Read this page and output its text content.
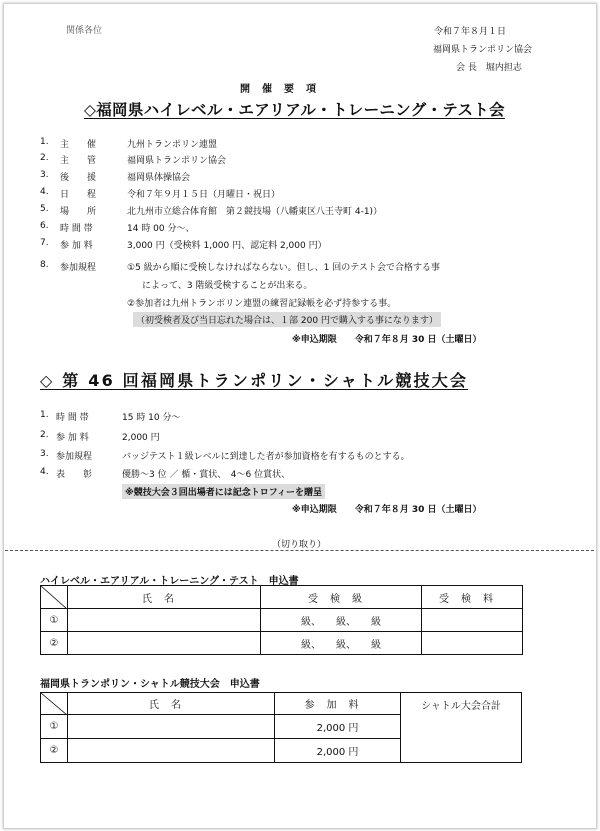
関係各位	令和７年８月１日
福岡県トランポリン協会
会 長　堀内担志
開　催　要　項
◇福岡県ハイレベル・エアリアル・トレーニング・テスト会
1. 主　　催	九州トランポリン連盟
2. 主　　管	福岡県トランポリン協会
3. 後　　援	福岡県体操協会
4. 日　　程	令和７年９月１５日（月曜日・祝日）
5. 場　　所	北九州市立総合体育館　第２競技場（八幡東区八王寺町 4-1)）
6. 時 間 帯	14 時 00 分～、
7. 参 加 料	3,000 円（受検料 1,000 円、認定料 2,000 円）
8. 参加規程	①5 級から順に受検しなければならない。但し、1 回のテスト会で合格する事
によって、3 階級受検することが出来る。
②参加者は九州トランポリン連盟の練習記録帳を必ず持参する事。
（初受検者及び当日忘れた場合は、１部 200 円で購入する事になります）
※申込期限　　令和７年８月 30 日（土曜日）
◇ 第 46 回福岡県トランポリン・シャトル競技大会
1. 時 間 帯	15 時 10 分～
2. 参 加 料	2,000 円
3. 参加規程	バッジテスト１級レベルに到達した者が参加資格を有するものとする。
4. 表　　彰	優勝～3 位 ／ 楯・賞状、　4～6 位賞状、
※競技大会３回出場者には記念トロフィーを贈呈
※申込期限　　令和７年８月 30 日（土曜日）
（切り取り）
ハイレベル・エアリアル・トレーニング・テスト　申込書
	氏名	受検級	受検料
①		級、　　級、　　級	
②		級、　　級、　　級	
福岡県トランポリン・シャトル競技大会　申込書
	氏名	参加料	シャトル大会合計
①		2,000 円	
②		2,000 円	
